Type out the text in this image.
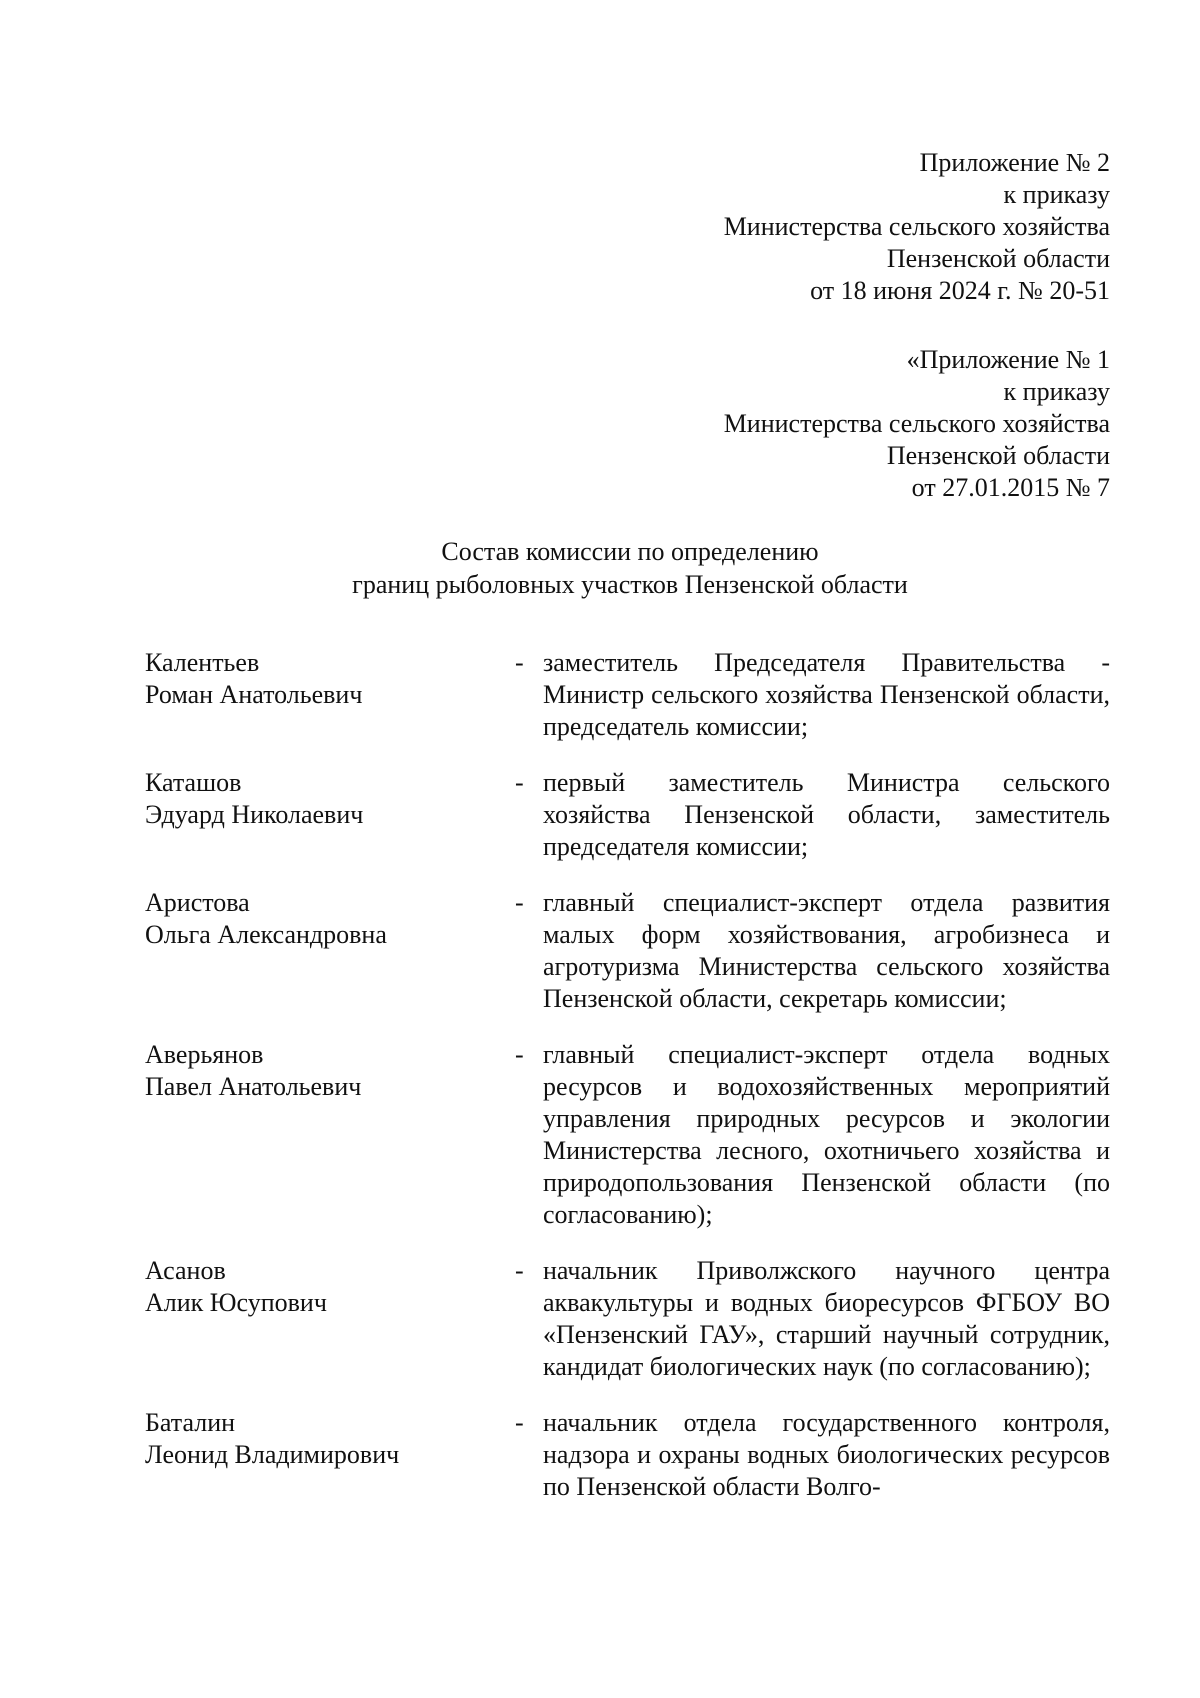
Приложение № 2
к приказу
Министерства сельского хозяйства
Пензенской области
от 18 июня 2024 г. № 20-51
«Приложение № 1
к приказу
Министерства сельского хозяйства
Пензенской области
от 27.01.2015 № 7
Состав комиссии по определению
границ рыболовных участков Пензенской области
Калентьев
Роман Анатольевич
- заместитель Председателя Правительства - Министр сельского хозяйства Пензенской области, председатель комиссии;
Каташов
Эдуард Николаевич
- первый заместитель Министра сельского хозяйства Пензенской области, заместитель председателя комиссии;
Аристова
Ольга Александровна
- главный специалист-эксперт отдела развития малых форм хозяйствования, агробизнеса и агротуризма Министерства сельского хозяйства Пензенской области, секретарь комиссии;
Аверьянов
Павел Анатольевич
- главный специалист-эксперт отдела водных ресурсов и водохозяйственных мероприятий управления природных ресурсов и экологии Министерства лесного, охотничьего хозяйства и природопользования Пензенской области (по согласованию);
Асанов
Алик Юсупович
- начальник Приволжского научного центра аквакультуры и водных биоресурсов ФГБОУ ВО «Пензенский ГАУ», старший научный сотрудник, кандидат биологических наук (по согласованию);
Баталин
Леонид Владимирович
- начальник отдела государственного контроля, надзора и охраны водных биологических ресурсов по Пензенской области Волго-
